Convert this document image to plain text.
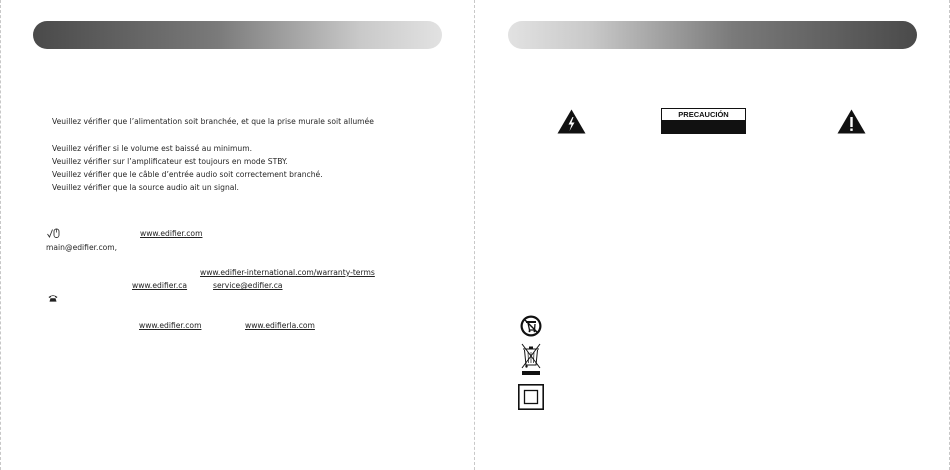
Veuillez vérifier que l’alimentation soit branchée, et que la prise murale soit allumée
Veuillez vérifier si le volume est baissé au minimum.
Veuillez vérifier sur l’amplificateur est toujours en mode STBY.
Veuillez vérifier que le câble d’entrée audio soit correctement branché.
Veuillez vérifier que la source audio ait un signal.
www.edifier.com
main@edifier.com,
www.edifier-international.com/warranty-terms
www.edifier.ca	service@edifier.ca
www.edifier.com	www.edifierla.com
PRECAUCIÓN
